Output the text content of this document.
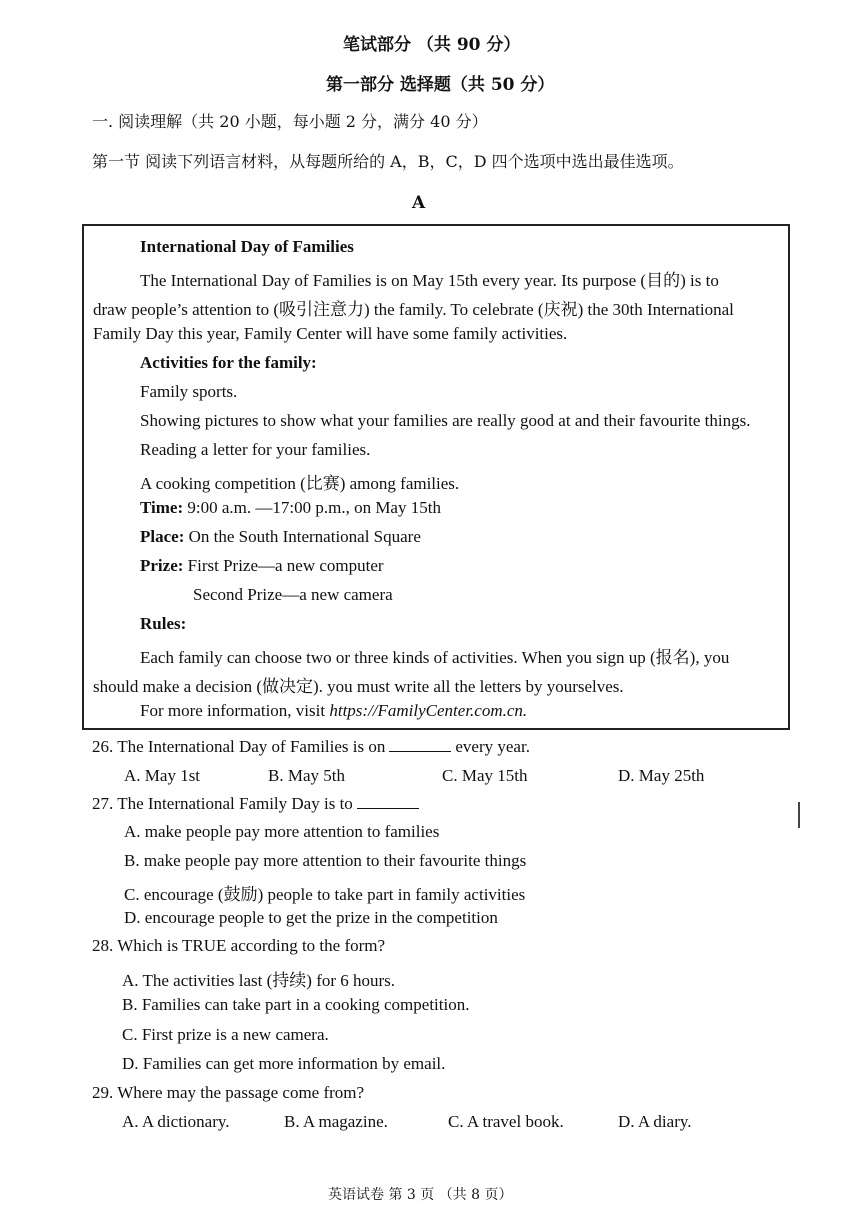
笔试部分 （共 90 分）
第一部分 选择题（共 50 分）
一. 阅读理解（共 20 小题，每小题 2 分，满分 40 分）
第一节 阅读下列语言材料，从每题所给的 A，B，C，D 四个选项中选出最佳选项。
A
International Day of Families
The International Day of Families is on May 15th every year. Its purpose (目的) is to
draw people’s attention to (吸引注意力) the family. To celebrate (庆祝) the 30th International
Family Day this year, Family Center will have some family activities.
Activities for the family:
Family sports.
Showing pictures to show what your families are really good at and their favourite things.
Reading a letter for your families.
A cooking competition (比赛) among families.
Time: 9:00 a.m. —17:00 p.m., on May 15th
Place: On the South International Square
Prize: First Prize—a new computer
Second Prize—a new camera
Rules:
Each family can choose two or three kinds of activities. When you sign up (报名), you
should make a decision (做决定). you must write all the letters by yourselves.
For more information, visit https://FamilyCenter.com.cn.
26. The International Day of Families is on	every year.
A. May 1st	B. May 5th	C. May 15th	D. May 25th
27. The International Family Day is to
A. make people pay more attention to families
B. make people pay more attention to their favourite things
C. encourage (鼓励) people to take part in family activities
D. encourage people to get the prize in the competition
28. Which is TRUE according to the form?
A. The activities last (持续) for 6 hours.
B. Families can take part in a cooking competition.
C. First prize is a new camera.
D. Families can get more information by email.
29. Where may the passage come from?
A. A dictionary.	B. A magazine.	C. A travel book.	D. A diary.
英语试卷 第 3 页 （共 8 页）
